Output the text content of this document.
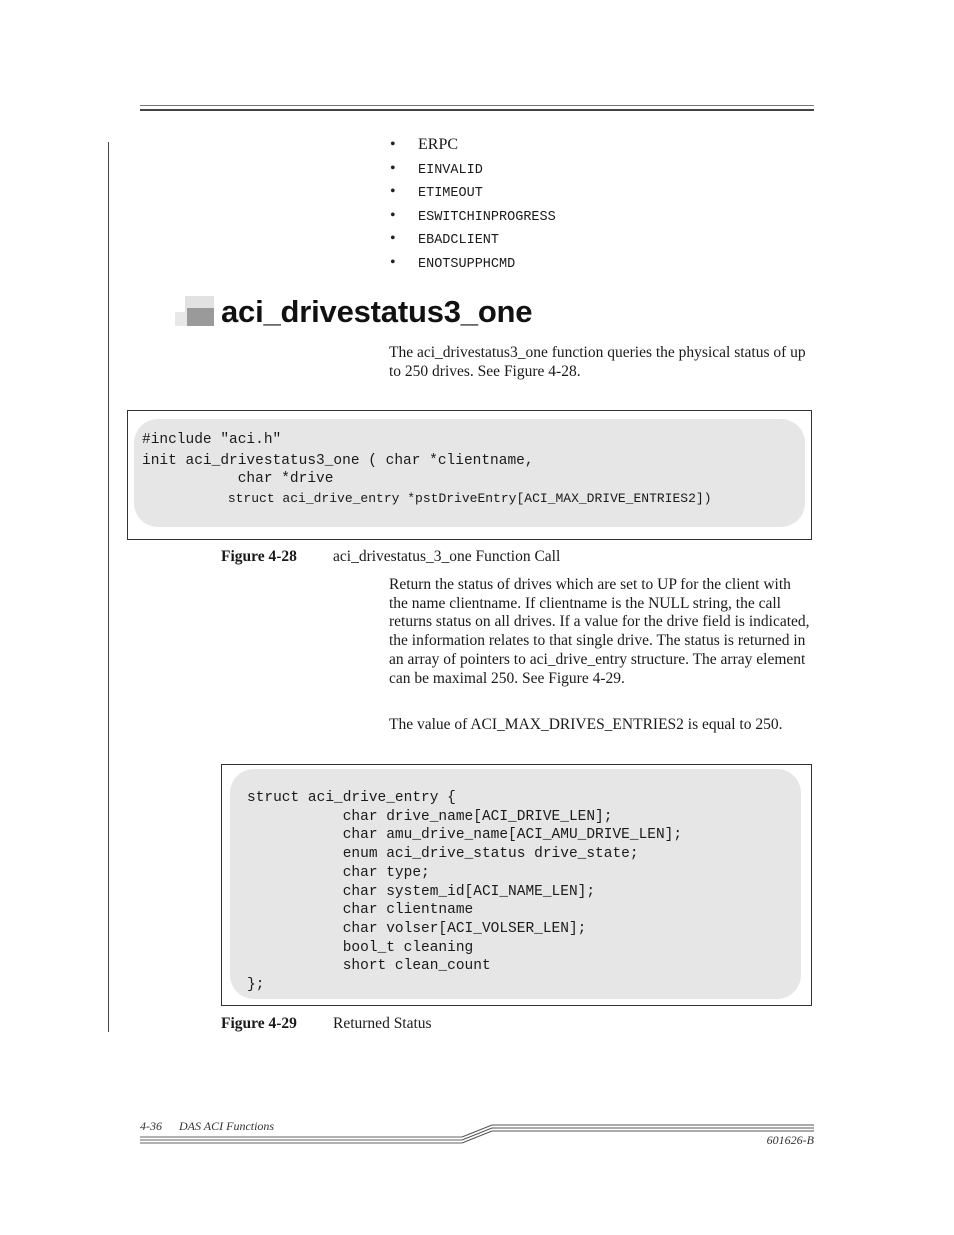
• ERPC
• EINVALID
• ETIMEOUT
• ESWITCHINPROGRESS
• EBADCLIENT
• ENOTSUPPHCMD
aci_drivestatus3_one
The aci_drivestatus3_one function queries the physical status of up to 250 drives. See Figure 4-28.
#include "aci.h"
init aci_drivestatus3_one ( char *clientname,
char *drive
struct aci_drive_entry *pstDriveEntry[ACI_MAX_DRIVE_ENTRIES2])
Figure 4-28 aci_drivestatus_3_one Function Call
Return the status of drives which are set to UP for the client with the name clientname. If clientname is the NULL string, the call returns status on all drives. If a value for the drive field is indicated, the information relates to that single drive. The status is returned in an array of pointers to aci_drive_entry structure. The array element can be maximal 250. See Figure 4-29.
The value of ACI_MAX_DRIVES_ENTRIES2 is equal to 250.
struct aci_drive_entry {
char drive_name[ACI_DRIVE_LEN];
char amu_drive_name[ACI_AMU_DRIVE_LEN];
enum aci_drive_status drive_state;
char type;
char system_id[ACI_NAME_LEN];
char clientname
char volser[ACI_VOLSER_LEN];
bool_t cleaning
short clean_count
};
Figure 4-29 Returned Status
4-36 DAS ACI Functions
601626-B
